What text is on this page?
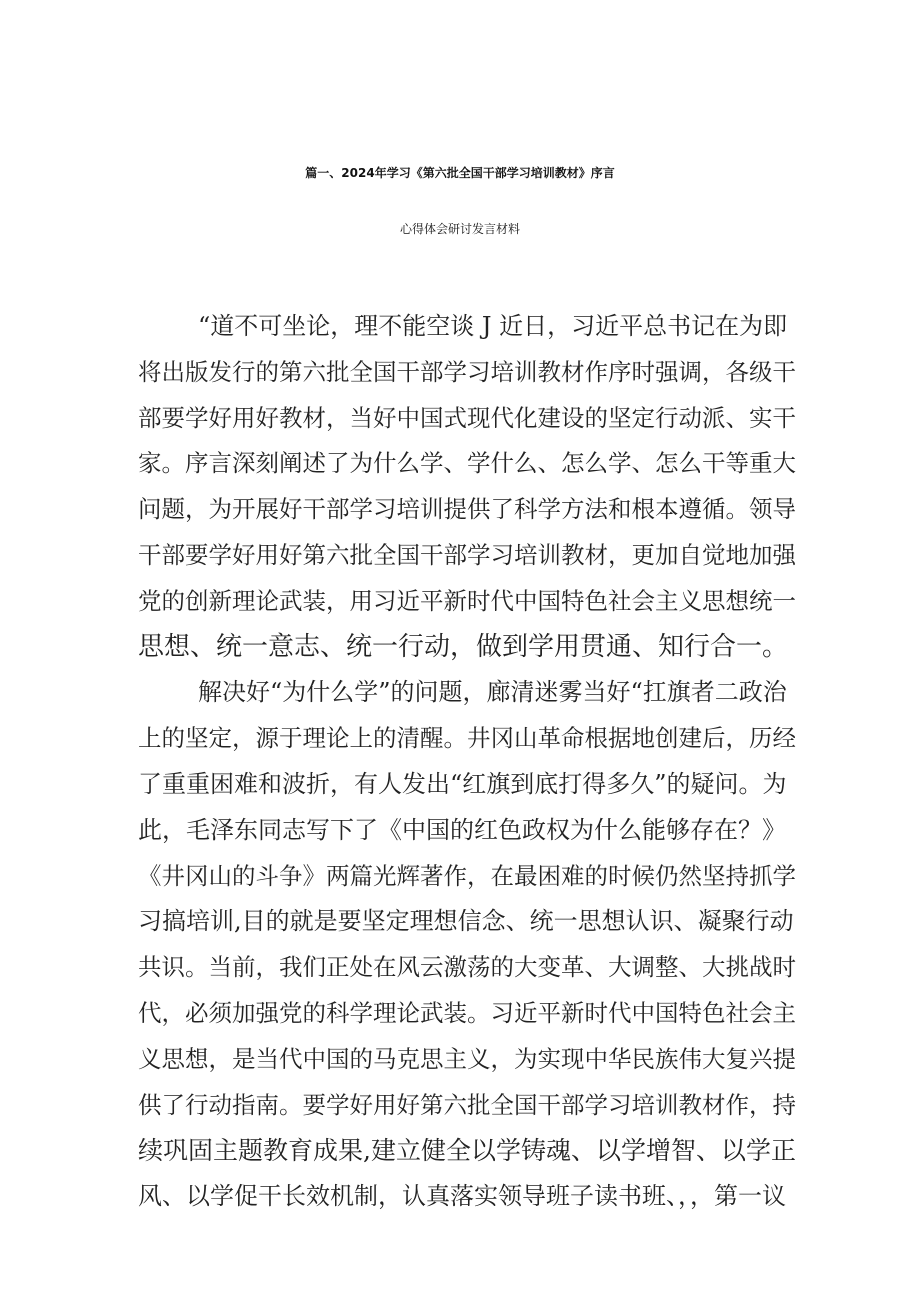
篇一、2024年学习《第六批全国干部学习培训教材》序言
心得体会研讨发言材料
“道不可坐论，理不能空谈 J 近日，习近平总书记在为即
将出版发行的第六批全国干部学习培训教材作序时强调，各级干
部要学好用好教材，当好中国式现代化建设的坚定行动派、实干
家。序言深刻阐述了为什么学、学什么、怎么学、怎么干等重大
问题，为开展好干部学习培训提供了科学方法和根本遵循。领导
干部要学好用好第六批全国干部学习培训教材，更加自觉地加强
党的创新理论武装，用习近平新时代中国特色社会主义思想统一
思想、统一意志、统一行动，做到学用贯通、知行合一。
解决好“为什么学”的问题，廊清迷雾当好“扛旗者二政治
上的坚定，源于理论上的清醒。井冈山革命根据地创建后，历经
了重重困难和波折，有人发出“红旗到底打得多久”的疑问。为
此，毛泽东同志写下了《中国的红色政权为什么能够存在？》
《井冈山的斗争》两篇光辉著作，在最困难的时候仍然坚持抓学
习搞培训,目的就是要坚定理想信念、统一思想认识、凝聚行动
共识。当前，我们正处在风云激荡的大变革、大调整、大挑战时
代，必须加强党的科学理论武装。习近平新时代中国特色社会主
义思想，是当代中国的马克思主义，为实现中华民族伟大复兴提
供了行动指南。要学好用好第六批全国干部学习培训教材作，持
续巩固主题教育成果,建立健全以学铸魂、以学增智、以学正
风、以学促干长效机制，认真落实领导班子读书班、，，第一议
